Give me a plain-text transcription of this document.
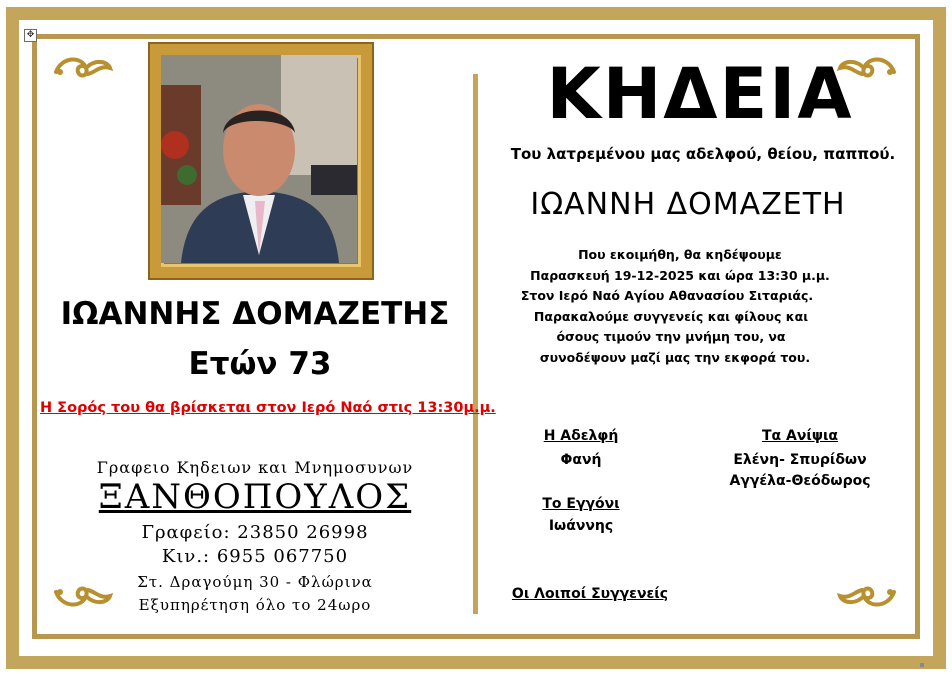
✥
ΙΩΑΝΝΗΣ ΔΟΜΑΖΕΤΗΣ
Ετών 73
Η Σορός του θα βρίσκεται στον Ιερό Ναό στις 13:30μ.μ.
Γραφειο Κηδειων και Μνημοσυνων
ΞΑΝΘΟΠΟΥΛΟΣ
Γραφείο: 23850 26998
Κιν.: 6955 067750
Στ. Δραγούμη 30 - Φλώρινα
Εξυπηρέτηση όλο το 24ωρο
ΚΗΔΕΙΑ
Του λατρεμένου μας αδελφού, θείου, παππού.
ΙΩΑΝΝΗ ΔΟΜΑΖΕΤΗ
Που εκοιμήθη, θα κηδέψουμε
Παρασκευή 19-12-2025 και ώρα 13:30 μ.μ.
Στον Ιερό Ναό Αγίου Αθανασίου Σιταριάς.
Παρακαλούμε συγγενείς και φίλους και
όσους τιμούν την μνήμη του, να
συνοδέψουν μαζί μας την εκφορά του.
Η Αδελφή
Φανή
Το Εγγόνι
Ιωάννης
Τα Ανίψια
Ελένη- Σπυρίδων
Αγγέλα-Θεόδωρος
Οι Λοιποί Συγγενείς
